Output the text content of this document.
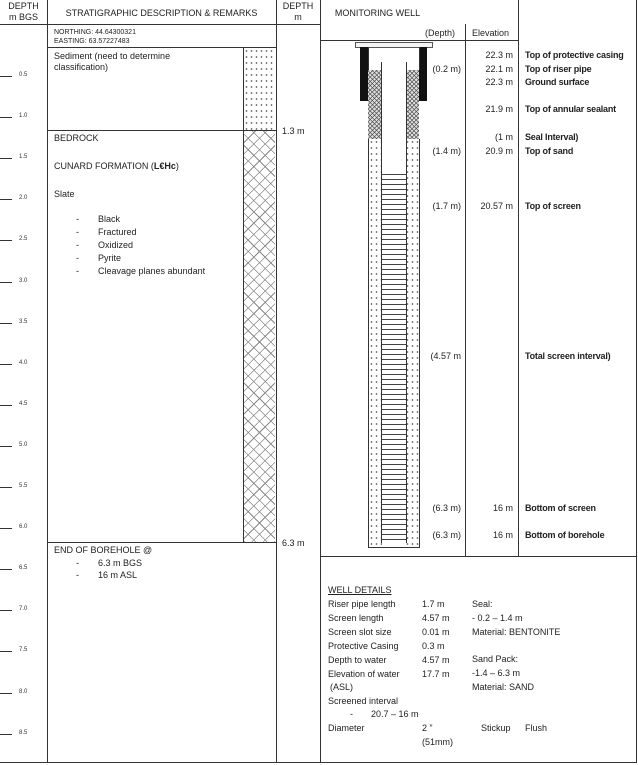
DEPTH
m BGS	STRATIGRAPHIC DESCRIPTION & REMARKS
DEPTH
m	MONITORING WELL
(Depth) Elevation
NORTHING: 44.64300321
EASTING: 63.57227483
0.5
1.0
1.5
2.0
2.5
3.0
3.5
4.0
4.5
5.0
5.5
6.0
6.5
7.0
7.5
8.0
8.5
Sediment (need to determine classification)
BEDROCK
CUNARD FORMATION (L€Hc)
Slate
- Black
- Fractured
- Oxidized
- Pyrite
- Cleavage planes abundant
END OF BOREHOLE @
- 6.3 m BGS
- 16 m ASL
1.3 m
6.3 m
22.3 m Top of protective casing
(0.2 m)	22.1 m Top of riser pipe
22.3 m Ground surface
21.9 m Top of annular sealant
(1 m Seal Interval)
(1.4 m)	20.9 m Top of sand
(1.7 m) 20.57 m Top of screen
(4.57 m	Total screen interval)
(6.3 m)	16 m Bottom of screen
(6.3 m)	16 m Bottom of borehole
WELL DETAILS
Riser pipe length	1.7 m
Screen length	4.57 m
Screen slot size	0.01 m
Protective Casing	0.3 m
Depth to water	4.57 m
Elevation of water 17.7 m
(ASL)
Screened interval
- 20.7 – 16 m
Diameter	2 ”
(51mm)
Seal:
- 0.2 – 1.4 m
Material: BENTONITE
Sand Pack:
-1.4 – 6.3 m
Material: SAND
Stickup Flush
